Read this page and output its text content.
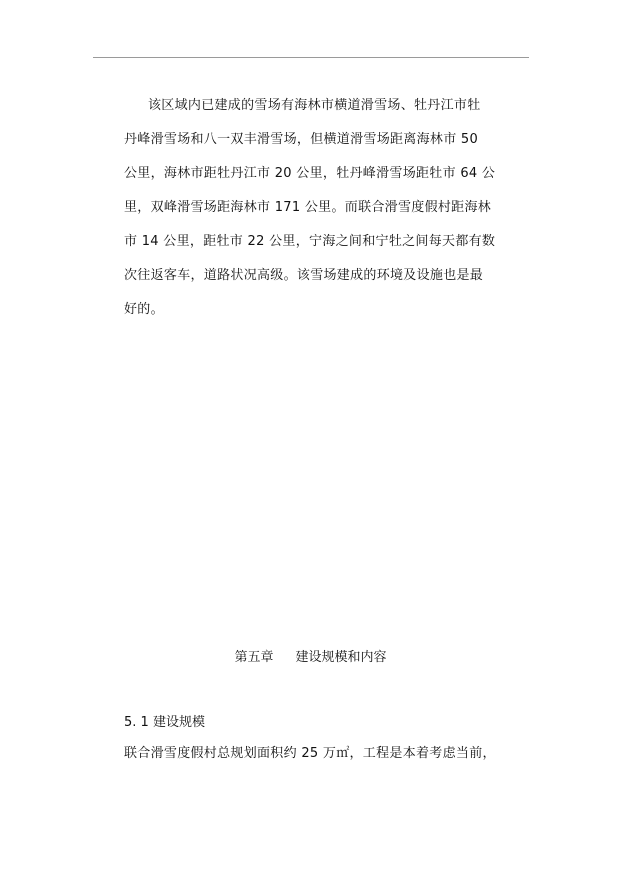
该区域内已建成的雪场有海林市横道滑雪场、牡丹江市牡
丹峰滑雪场和八一双丰滑雪场，但横道滑雪场距离海林市 50
公里，海林市距牡丹江市 20 公里，牡丹峰滑雪场距牡市 64 公
里，双峰滑雪场距海林市 171 公里。而联合滑雪度假村距海林
市 14 公里，距牡市 22 公里，宁海之间和宁牡之间每天都有数
次往返客车，道路状况高级。该雪场建成的环境及设施也是最
好的。
第五章 建设规模和内容
5. 1 建设规模
联合滑雪度假村总规划面积约 25 万㎡，工程是本着考虑当前，
